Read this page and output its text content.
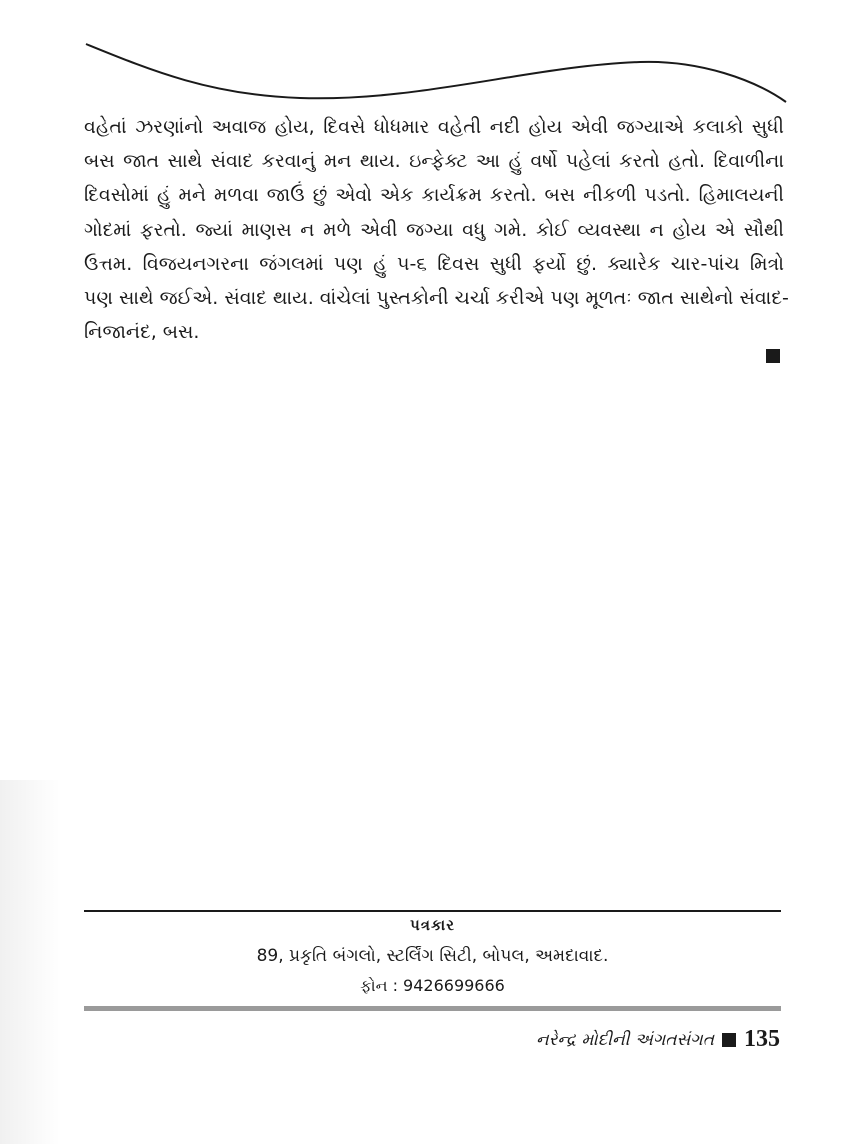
વહેતાં ઝરણાંનો અવાજ હોય, દિવસે ધોધમાર વહેતી નદી હોય એવી જગ્યાએ કલાકો સુધી
બસ જાત સાથે સંવાદ કરવાનું મન થાય. ઇન્ફેક્ટ આ હું વર્ષો પહેલાં કરતો હતો. દિવાળીના
દિવસોમાં હું મને મળવા જાઉં છું એવો એક કાર્યક્રમ કરતો. બસ નીકળી પડતો. હિમાલયની
ગોદમાં ફરતો. જ્યાં માણસ ન મળે એવી જગ્યા વધુ ગમે. કોઈ વ્યવસ્થા ન હોય એ સૌથી
ઉત્તમ. વિજયનગરના જંગલમાં પણ હું ૫-૬ દિવસ સુધી ફર્યો છું. ક્યારેક ચાર-પાંચ મિત્રો
પણ સાથે જઈએ. સંવાદ થાય. વાંચેલાં પુસ્તકોની ચર્ચા કરીએ પણ મૂળતઃ જાત સાથેનો સંવાદ-
નિજાનંદ, બસ.
પત્રકાર
89, પ્રકૃતિ બંગલો, સ્ટર્લિંગ સિટી, બોપલ, અમદાવાદ.
ફોન : 9426699666
નરેન્દ્ર મોદીની અંગતસંગત 135
